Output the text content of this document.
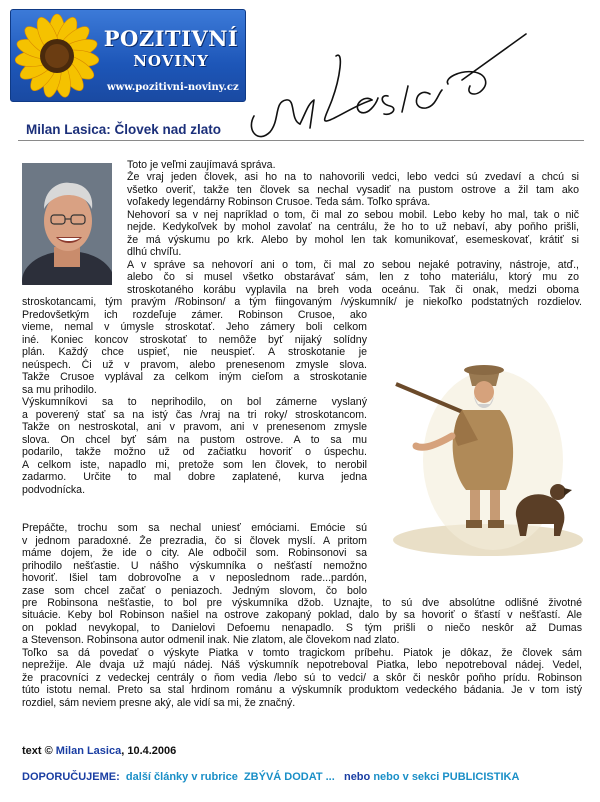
POZITIVNÍ
NOVINY
www.pozitivni-noviny.cz
Milan Lasica: Človek nad zlato
Toto je veľmi zaujímavá správa.
Že vraj jeden človek, asi ho na to nahovorili vedci, lebo vedci sú zvedaví a chcú si
všetko overiť, takže ten človek sa nechal vysadiť na pustom ostrove a žil tam ako
voľakedy legendárny Robinson Crusoe. Teda sám. Toľko správa.
Nehovorí sa v nej napríklad o tom, či mal zo sebou mobil. Lebo keby ho mal, tak o nič
nejde. Kedykoľvek by mohol zavolať na centrálu, že ho to už nebaví, aby poňho prišli,
že má výskumu po krk. Alebo by mohol len tak komunikovať, esemeskovať, krátiť si
dlhú chvíľu.
A v správe sa nehovorí ani o tom, či mal zo sebou nejaké potraviny, nástroje, atď.,
alebo čo si musel všetko obstarávať sám, len z toho materiálu, ktorý mu zo
stroskotaného korábu vyplavila na breh voda oceánu. Tak či onak, medzi oboma
stroskotancami, tým pravým /Robinson/ a tým fiingovaným /výskumník/ je niekoľko podstatných rozdielov.
Predovšetkým ich rozdeľuje zámer. Robinson Crusoe, ako
vieme, nemal v úmysle stroskotať. Jeho zámery boli celkom
iné. Koniec koncov stroskotať to nemôže byť nijaký solídny
plán. Každý chce uspieť, nie neuspieť. A stroskotanie je
neúspech. Či už v pravom, alebo prenesenom zmysle slova.
Takže Crusoe vyplával za celkom iným cieľom a stroskotanie
sa mu prihodilo.
Výskumníkovi sa to neprihodilo, on bol zámerne vyslaný
a poverený stať sa na istý čas /vraj na tri roky/ stroskotancom.
Takže on nestroskotal, ani v pravom, ani v prenesenom zmysle
slova. On chcel byť sám na pustom ostrove. A to sa mu
podarilo, takže možno už od začiatku hovoriť o úspechu.
A celkom iste, napadlo mi, pretože som len človek, to nerobil
zadarmo. Určite to mal dobre zaplatené, kurva jedna
podvodnícka.
Prepáčte, trochu som sa nechal uniesť emóciami. Emócie sú
v jednom paradoxné. Že prezradia, čo si človek myslí. A pritom
máme dojem, že ide o city. Ale odbočil som. Robinsonovi sa
prihodilo nešťastie. U nášho výskumníka o nešťastí nemožno
hovoriť. Išiel tam dobrovoľne a v neposlednom rade...pardón,
zase som chcel začať o peniazoch. Jedným slovom, čo bolo
pre Robinsona nešťastie, to bol pre výskumníka džob. Uznajte, to sú dve absolútne odlišné životné
situácie. Keby bol Robinson našiel na ostrove zakopaný poklad, dalo by sa hovoriť o šťastí v nešťastí. Ale
on poklad nevykopal, to Danielovi Defoemu nenapadlo. S tým prišli o niečo neskôr až Dumas
a Stevenson. Robinsona autor odmenil inak. Nie zlatom, ale človekom nad zlato.
Toľko sa dá povedať o výskyte Piatka v tomto tragickom príbehu. Piatok je dôkaz, že človek sám
neprežije. Ale dvaja už majú nádej. Náš výskumník nepotreboval Piatka, lebo nepotreboval nádej. Vedel,
že pracovníci z vedeckej centrály o ňom vedia /lebo sú to vedci/ a skôr či neskôr poňho prídu. Robinson
túto istotu nemal. Preto sa stal hrdinom románu a výskumník produktom vedeckého bádania. Je v tom istý
rozdiel, sám neviem presne aký, ale vidí sa mi, že značný.
text © Milan Lasica, 10.4.2006
DOPORUČUJEME: další články v rubrice ZBÝVÁ DODAT ... nebo nebo v sekci PUBLICISTIKA
